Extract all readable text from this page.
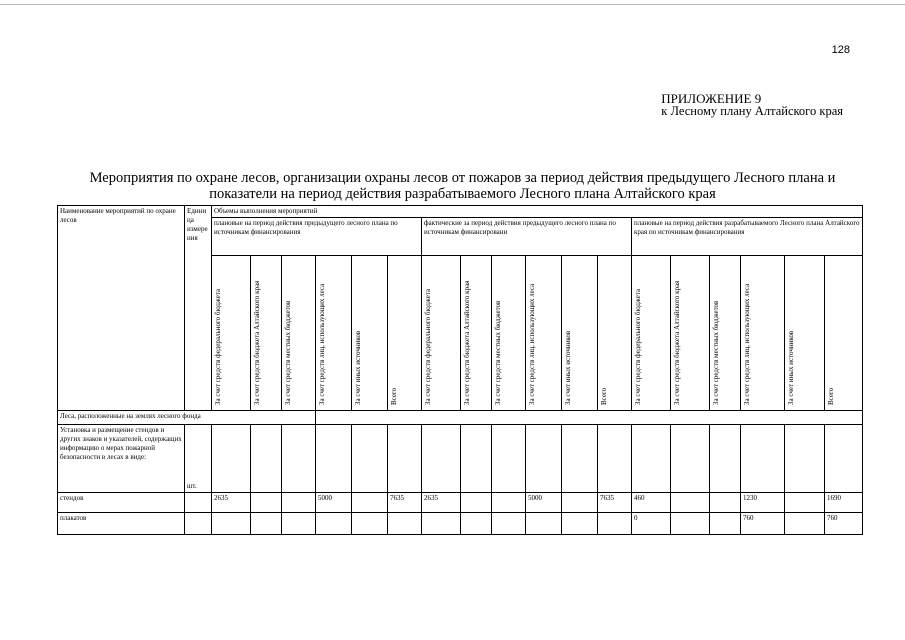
128
ПРИЛОЖЕНИЕ 9
к Лесному плану Алтайского края
Мероприятия по охране лесов, организации охраны лесов от пожаров за период действия предыдущего Лесного плана и
показатели на период действия разрабатываемого Лесного плана Алтайского края
Наименование мероприятий по охране лесов	Единица измерения	Объемы выполнения мероприятий																	
		плановые на период действия предыдущего лесного плана по источникам финансирования						фактические за период действия предыдущего лесного плана по источникам финансировани						плановые на период действия разрабатываемого Лесного плана Алтайского края по источникам финансирования					

		За счет средств федерального бюджета	За счет средств бюджета Алтайского края	За счет средств местных бюджетов	За счет средств лиц, использующих леса	За счет иных источников	Всего	За счет средств федерального бюджета	За счет средств бюджета Алтайского края	За счет средств местных бюджетов	За счет средств лиц, использующих леса	За счет иных источников	Всего	За счет средств федерального бюджета	За счет средств бюджета Алтайского края	За счет средств местных бюджетов	За счет средств лиц, использующих леса	За счет иных источников	Всего

Леса, расположенные на землях лесного фонда																			
Установка и размещение стендов и других знаков и указателей, содержащих информацию о мерах пожарной безопасности в лесах в виде:	шт.																		
стендов		2635			5000		7635	2635			5000		7635	460			1230		1690
плакатов														0			760		760
